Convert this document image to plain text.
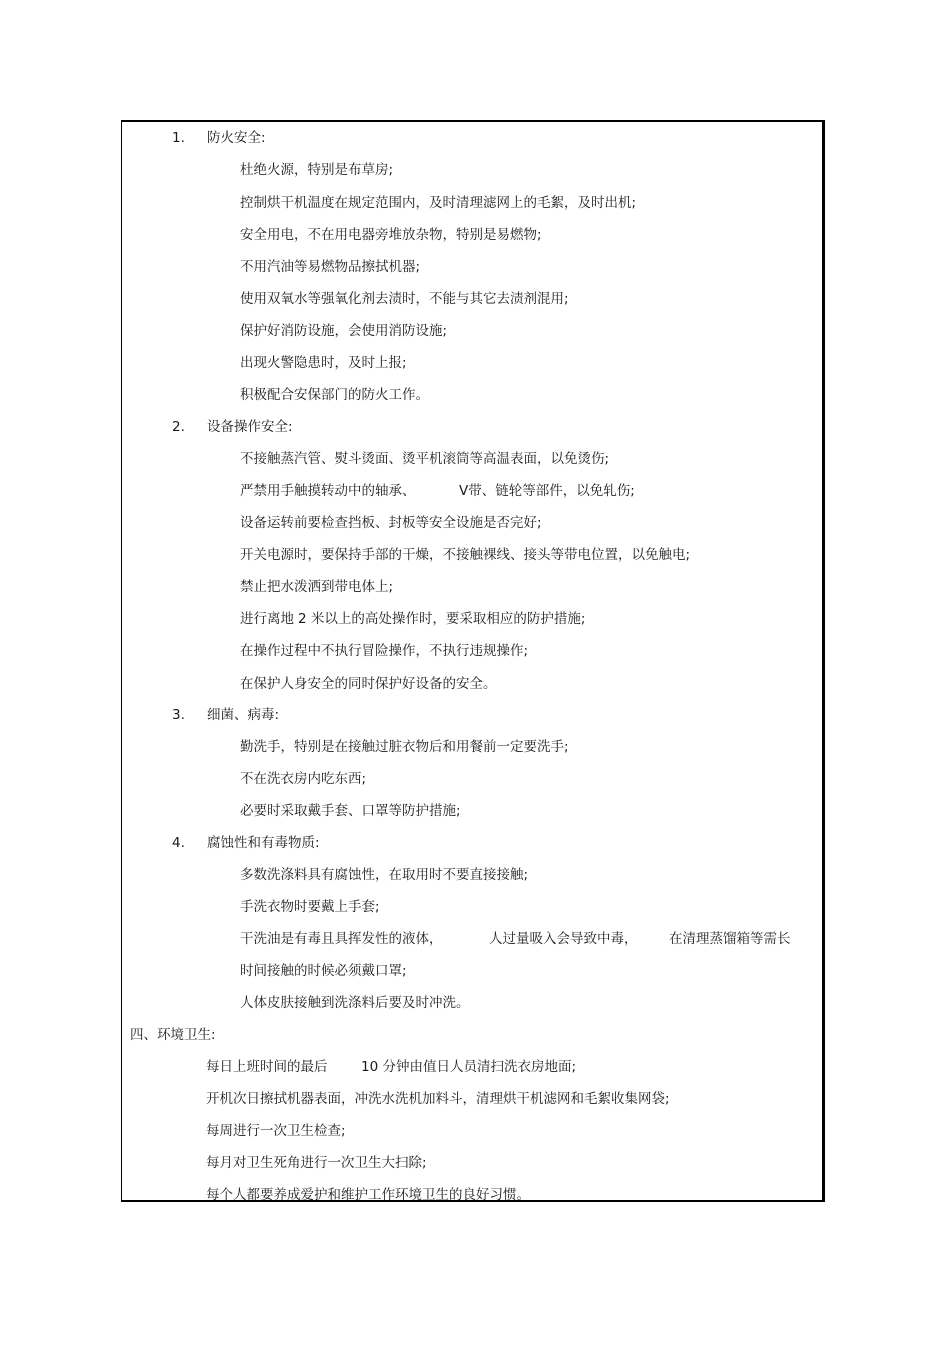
1. 防火安全:
杜绝火源，特别是布草房;
控制烘干机温度在规定范围内，及时清理滤网上的毛絮，及时出机;
安全用电，不在用电器旁堆放杂物，特别是易燃物;
不用汽油等易燃物品擦拭机器;
使用双氧水等强氧化剂去渍时，不能与其它去渍剂混用;
保护好消防设施，会使用消防设施;
出现火警隐患时，及时上报;
积极配合安保部门的防火工作。
2. 设备操作安全:
不接触蒸汽管、熨斗烫面、烫平机滚筒等高温表面，以免烫伤;
严禁用手触摸转动中的轴承、	V带、链轮等部件，以免轧伤;
设备运转前要检查挡板、封板等安全设施是否完好;
开关电源时，要保持手部的干燥，不接触裸线、接头等带电位置，以免触电;
禁止把水泼洒到带电体上;
进行离地 2 米以上的高处操作时，要采取相应的防护措施;
在操作过程中不执行冒险操作，不执行违规操作;
在保护人身安全的同时保护好设备的安全。
3. 细菌、病毒:
勤洗手，特别是在接触过脏衣物后和用餐前一定要洗手;
不在洗衣房内吃东西;
必要时采取戴手套、口罩等防护措施;
4. 腐蚀性和有毒物质:
多数洗涤料具有腐蚀性，在取用时不要直接接触;
手洗衣物时要戴上手套;
干洗油是有毒且具挥发性的液体，	人过量吸入会导致中毒， 在清理蒸馏箱等需长
时间接触的时候必须戴口罩;
人体皮肤接触到洗涤料后要及时冲洗。
四、环境卫生:
每日上班时间的最后 10 分钟由值日人员清扫洗衣房地面;
开机次日擦拭机器表面，冲洗水洗机加料斗，清理烘干机滤网和毛絮收集网袋;
每周进行一次卫生检查;
每月对卫生死角进行一次卫生大扫除;
每个人都要养成爱护和维护工作环境卫生的良好习惯。
